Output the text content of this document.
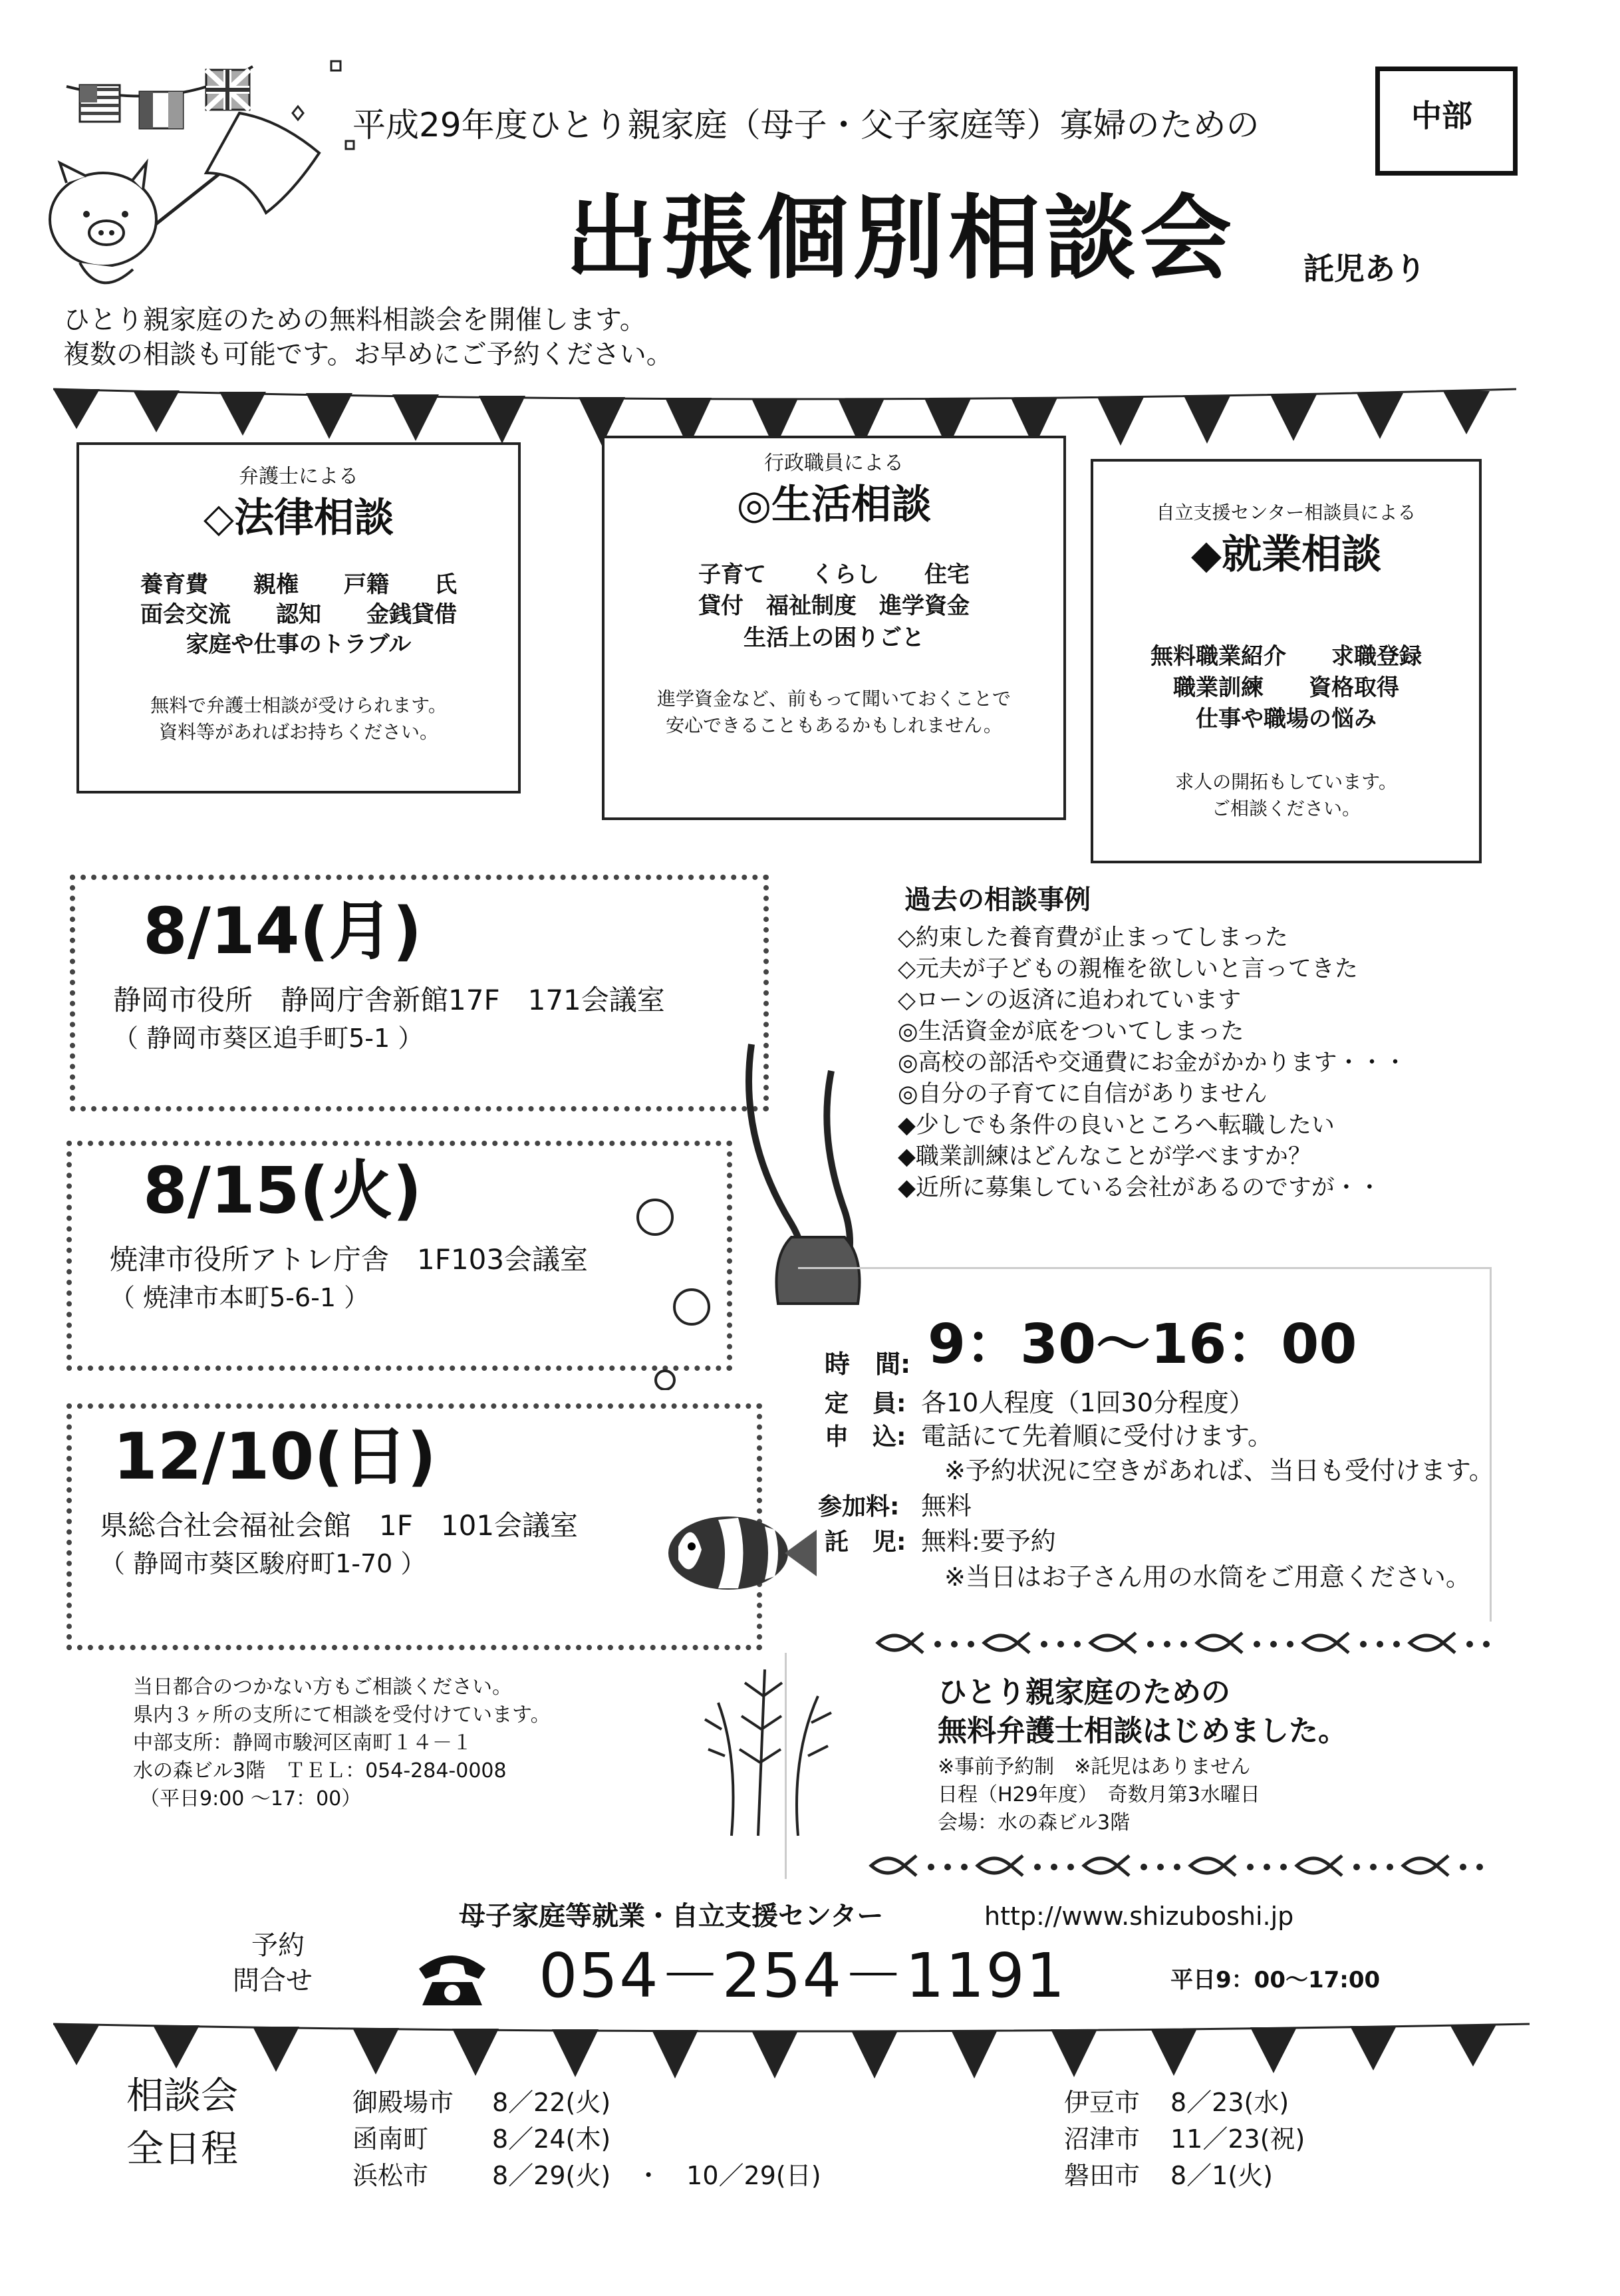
中部
平成29年度ひとり親家庭（母子・父子家庭等）寡婦のための
出張個別相談会 託児あり
ひとり親家庭のための無料相談会を開催します。
複数の相談も可能です。お早めにご予約ください。
弁護士による
◇法律相談
養育費　　親権　　戸籍　　氏
面会交流　　認知　　金銭貸借
家庭や仕事のトラブル
無料で弁護士相談が受けられます。
資料等があればお持ちください。
行政職員による
◎生活相談
子育て　　くらし　　住宅
貸付　福祉制度　進学資金
生活上の困りごと
進学資金など、前もって聞いておくことで
安心できることもあるかもしれません。
自立支援センター相談員による
◆就業相談
無料職業紹介　　求職登録
職業訓練　　資格取得
仕事や職場の悩み
求人の開拓もしています。
ご相談ください。
8/14(月)
静岡市役所　静岡庁舎新館17F　171会議室
（ 静岡市葵区追手町5-1 ）
8/15(火)
焼津市役所アトレ庁舎　1F103会議室
（ 焼津市本町5-6-1 ）
12/10(日)
県総合社会福祉会館　1F　101会議室
（ 静岡市葵区駿府町1-70 ）
過去の相談事例
◇約束した養育費が止まってしまった
◇元夫が子どもの親権を欲しいと言ってきた
◇ローンの返済に追われています
◎生活資金が底をついてしまった
◎高校の部活や交通費にお金がかかります・・・
◎自分の子育てに自信がありません
◆少しでも条件の良いところへ転職したい
◆職業訓練はどんなことが学べますか？
◆近所に募集している会社があるのですが・・
時　間: 9：30～16：00
定　員: 各10人程度（1回30分程度）
申　込: 電話にて先着順に受付けます。
※予約状況に空きがあれば、当日も受付けます。
参加料: 無料
託　児: 無料:要予約
※当日はお子さん用の水筒をご用意ください。
当日都合のつかない方もご相談ください。
県内３ヶ所の支所にて相談を受付けています。
中部支所：静岡市駿河区南町１４－１
水の森ビル3階　ＴＥＬ：054-284-0008
（平日9:00 ～17：00）
ひとり親家庭のための
無料弁護士相談はじめました。
※事前予約制　※託児はありません
日程（H29年度）　奇数月第3水曜日
会場：水の森ビル3階
母子家庭等就業・自立支援センター	http://www.shizuboshi.jp
予約
問合せ	054－254－1191	平日9：00～17:00
相談会
全日程
御殿場市 8／22(火)
函南町	8／24(木)
浜松市	8／29(火)　・　10／29(日)
伊豆市 8／23(水)
沼津市 11／23(祝)
磐田市 8／1(火)
